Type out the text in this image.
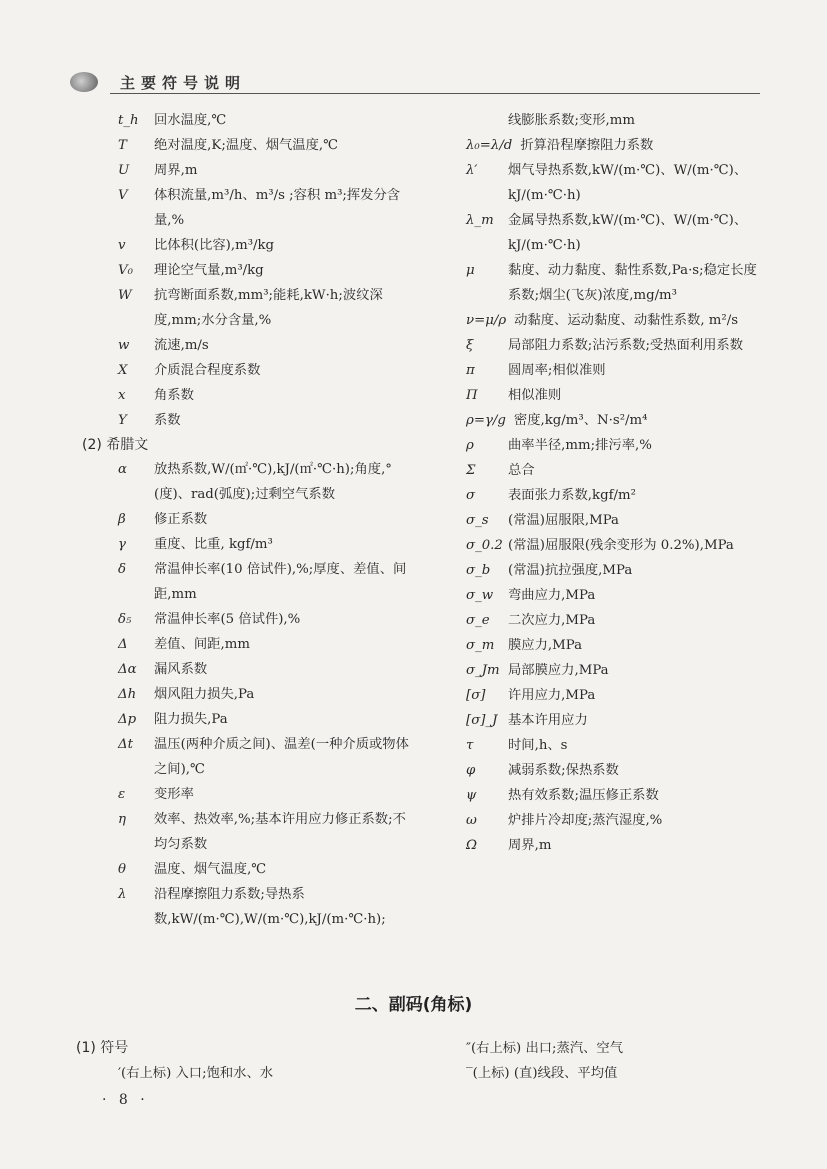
主要符号说明
t_h 回水温度,℃
T 绝对温度,K;温度、烟气温度,℃
U 周界,m
V 体积流量,m³/h、m³/s ;容积 m³;挥发分含量,%
v 比体积(比容),m³/kg
V₀ 理论空气量,m³/kg
W 抗弯断面系数,mm³;能耗,kW·h;波纹深度,mm;水分含量,%
w 流速,m/s
X 介质混合程度系数
x 角系数
Y 系数
(2) 希腊文
α 放热系数,W/(㎡·℃),kJ/(㎡·℃·h);角度,°(度)、rad(弧度);过剩空气系数
β 修正系数
γ 重度、比重, kgf/m³
δ 常温伸长率(10 倍试件),%;厚度、差值、间距,mm
δ₅ 常温伸长率(5 倍试件),%
Δ 差值、间距,mm
Δα 漏风系数
Δh 烟风阻力损失,Pa
Δp 阻力损失,Pa
Δt 温压(两种介质之间)、温差(一种介质或物体之间),℃
ε 变形率
η 效率、热效率,%;基本许用应力修正系数;不均匀系数
θ 温度、烟气温度,℃
λ 沿程摩擦阻力系数;导热系数,kW/(m·℃),W/(m·℃),kJ/(m·℃·h);
线膨胀系数;变形,mm
λ₀=λ/d 折算沿程摩擦阻力系数
λ′ 烟气导热系数,kW/(m·℃)、W/(m·℃)、kJ/(m·℃·h)
λ_m 金属导热系数,kW/(m·℃)、W/(m·℃)、kJ/(m·℃·h)
μ	黏度、动力黏度、黏性系数,Pa·s;稳定长度系数;烟尘(飞灰)浓度,mg/m³
ν=μ/ρ 动黏度、运动黏度、动黏性系数, m²/s
ξ	局部阻力系数;沾污系数;受热面利用系数
π	圆周率;相似准则
Π 相似准则
ρ=γ/g 密度,kg/m³、N·s²/m⁴
ρ	曲率半径,mm;排污率,%
Σ 总合
σ 表面张力系数,kgf/m²
σ_s (常温)屈服限,MPa
σ_0.2 (常温)屈服限(残余变形为 0.2%),MPa
σ_b (常温)抗拉强度,MPa
σ_w 弯曲应力,MPa
σ_e 二次应力,MPa
σ_m 膜应力,MPa
σ_Jm 局部膜应力,MPa
[σ] 许用应力,MPa
[σ]_J 基本许用应力
τ	时间,h、s
φ 减弱系数;保热系数
ψ 热有效系数;温压修正系数
ω 炉排片冷却度;蒸汽湿度,%
Ω 周界,m
二、副码(角标)
(1) 符号
′(右上标) 入口;饱和水、水
″(右上标) 出口;蒸汽、空气
‾(上标) (直)线段、平均值
· 8 ·
